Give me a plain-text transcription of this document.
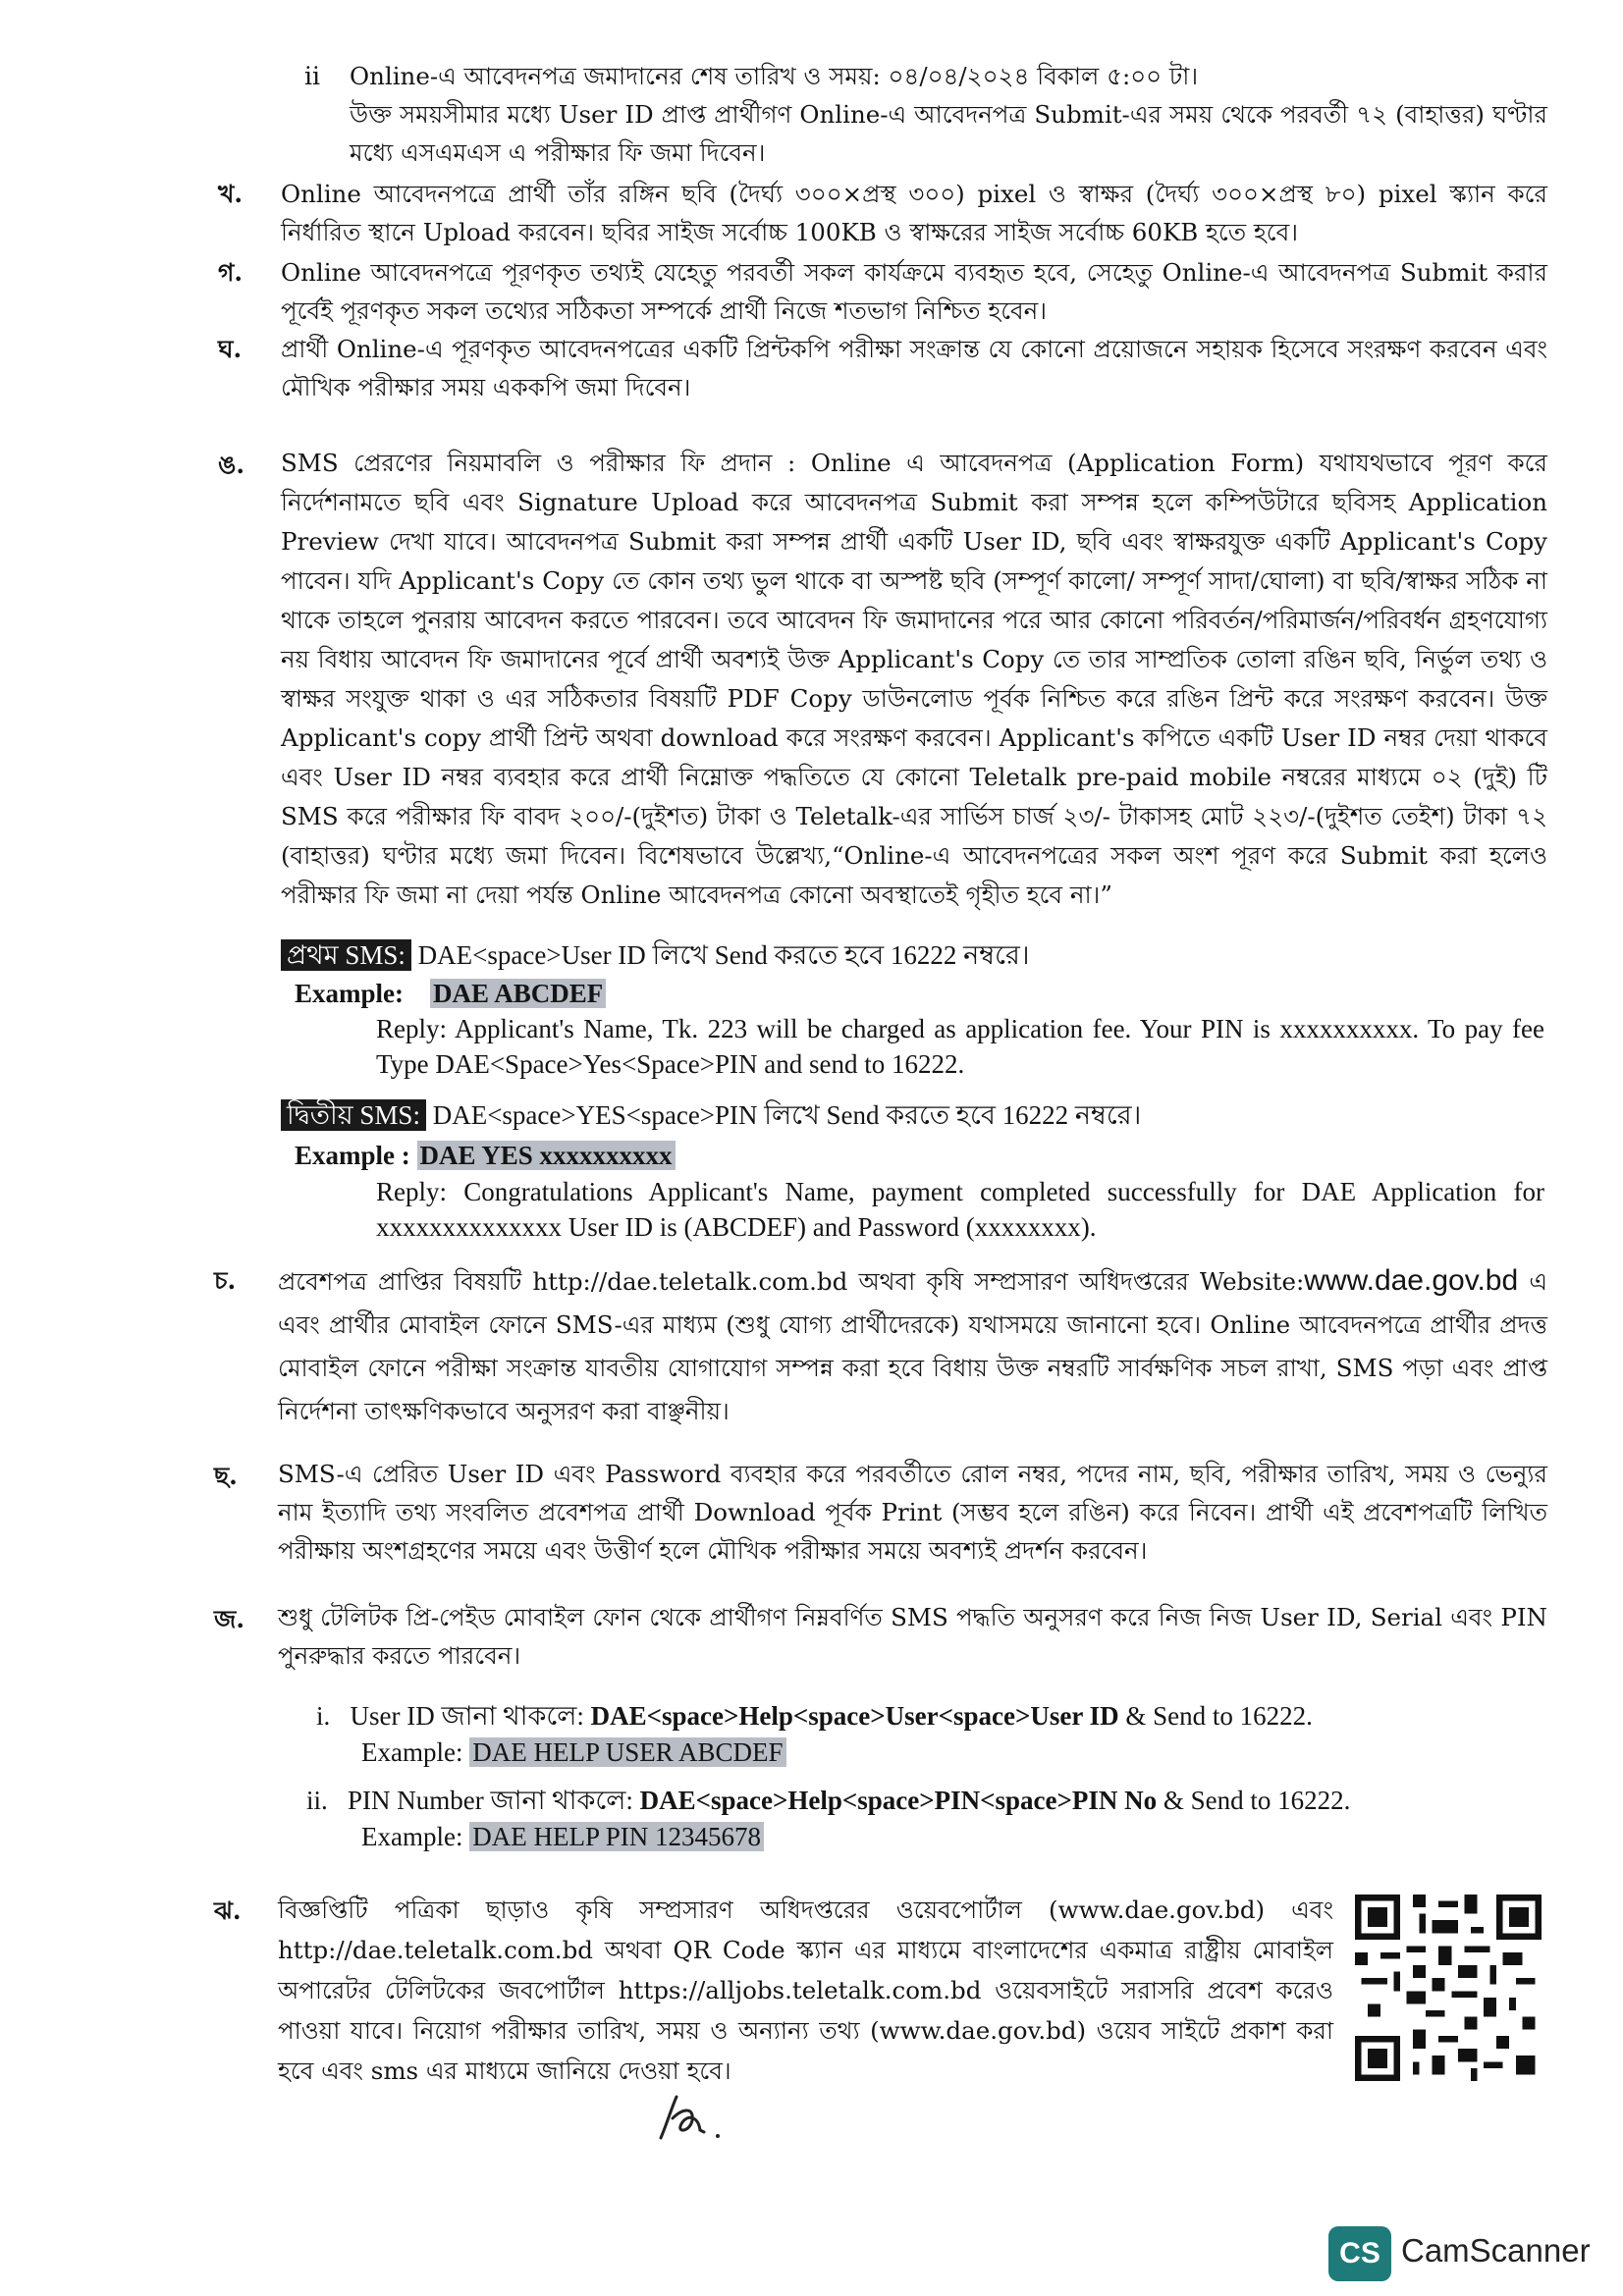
ii Online-এ আবেদনপত্র জমাদানের শেষ তারিখ ও সময়: ০৪/০৪/২০২৪ বিকাল ৫:০০ টা।
উক্ত সময়সীমার মধ্যে User ID প্রাপ্ত প্রার্থীগণ Online-এ আবেদনপত্র Submit-এর সময় থেকে পরবর্তী ৭২ (বাহাত্তর) ঘণ্টার মধ্যে এসএমএস এ পরীক্ষার ফি জমা দিবেন।
খ. Online আবেদনপত্রে প্রার্থী তাঁর রঙ্গিন ছবি (দৈর্ঘ্য ৩০০×প্রস্থ ৩০০) pixel ও স্বাক্ষর (দৈর্ঘ্য ৩০০×প্রস্থ ৮০) pixel স্ক্যান করে নির্ধারিত স্থানে Upload করবেন। ছবির সাইজ সর্বোচ্চ 100KB ও স্বাক্ষরের সাইজ সর্বোচ্চ 60KB হতে হবে।
গ. Online আবেদনপত্রে পূরণকৃত তথ্যই যেহেতু পরবর্তী সকল কার্যক্রমে ব্যবহৃত হবে, সেহেতু Online-এ আবেদনপত্র Submit করার পূর্বেই পূরণকৃত সকল তথ্যের সঠিকতা সম্পর্কে প্রার্থী নিজে শতভাগ নিশ্চিত হবেন।
ঘ. প্রার্থী Online-এ পূরণকৃত আবেদনপত্রের একটি প্রিন্টকপি পরীক্ষা সংক্রান্ত যে কোনো প্রয়োজনে সহায়ক হিসেবে সংরক্ষণ করবেন এবং মৌখিক পরীক্ষার সময় এককপি জমা দিবেন।
ঙ. SMS প্রেরণের নিয়মাবলি ও পরীক্ষার ফি প্রদান : Online এ আবেদনপত্র (Application Form) যথাযথভাবে পূরণ করে নির্দেশনামতে ছবি এবং Signature Upload করে আবেদনপত্র Submit করা সম্পন্ন হলে কম্পিউটারে ছবিসহ Application Preview দেখা যাবে। আবেদনপত্র Submit করা সম্পন্ন প্রার্থী একটি User ID, ছবি এবং স্বাক্ষরযুক্ত একটি Applicant's Copy পাবেন। যদি Applicant's Copy তে কোন তথ্য ভুল থাকে বা অস্পষ্ট ছবি (সম্পূর্ণ কালো/ সম্পূর্ণ সাদা/ঘোলা) বা ছবি/স্বাক্ষর সঠিক না থাকে তাহলে পুনরায় আবেদন করতে পারবেন। তবে আবেদন ফি জমাদানের পরে আর কোনো পরিবর্তন/পরিমার্জন/পরিবর্ধন গ্রহণযোগ্য নয় বিধায় আবেদন ফি জমাদানের পূর্বে প্রার্থী অবশ্যই উক্ত Applicant's Copy তে তার সাম্প্রতিক তোলা রঙিন ছবি, নির্ভুল তথ্য ও স্বাক্ষর সংযুক্ত থাকা ও এর সঠিকতার বিষয়টি PDF Copy ডাউনলোড পূর্বক নিশ্চিত করে রঙিন প্রিন্ট করে সংরক্ষণ করবেন। উক্ত Applicant's copy প্রার্থী প্রিন্ট অথবা download করে সংরক্ষণ করবেন। Applicant's কপিতে একটি User ID নম্বর দেয়া থাকবে এবং User ID নম্বর ব্যবহার করে প্রার্থী নিম্নোক্ত পদ্ধতিতে যে কোনো Teletalk pre-paid mobile নম্বরের মাধ্যমে ০২ (দুই) টি SMS করে পরীক্ষার ফি বাবদ ২০০/-(দুইশত) টাকা ও Teletalk-এর সার্ভিস চার্জ ২৩/- টাকাসহ মোট ২২৩/-(দুইশত তেইশ) টাকা ৭২ (বাহাত্তর) ঘণ্টার মধ্যে জমা দিবেন। বিশেষভাবে উল্লেখ্য,“Online-এ আবেদনপত্রের সকল অংশ পূরণ করে Submit করা হলেও পরীক্ষার ফি জমা না দেয়া পর্যন্ত Online আবেদনপত্র কোনো অবস্থাতেই গৃহীত হবে না।”
প্রথম SMS: DAE<space>User ID লিখে Send করতে হবে 16222 নম্বরে।
Example: DAE ABCDEF
Reply: Applicant's Name, Tk. 223 will be charged as application fee. Your PIN is xxxxxxxxxx. To pay fee Type DAE<Space>Yes<Space>PIN and send to 16222.
দ্বিতীয় SMS: DAE<space>YES<space>PIN লিখে Send করতে হবে 16222 নম্বরে।
Example : DAE YES xxxxxxxxxx
Reply: Congratulations Applicant's Name, payment completed successfully for DAE Application for xxxxxxxxxxxxxx User ID is (ABCDEF) and Password (xxxxxxxx).
চ. প্রবেশপত্র প্রাপ্তির বিষয়টি http://dae.teletalk.com.bd অথবা কৃষি সম্প্রসারণ অধিদপ্তরের Website:www.dae.gov.bd এ এবং প্রার্থীর মোবাইল ফোনে SMS-এর মাধ্যম (শুধু যোগ্য প্রার্থীদেরকে) যথাসময়ে জানানো হবে। Online আবেদনপত্রে প্রার্থীর প্রদত্ত মোবাইল ফোনে পরীক্ষা সংক্রান্ত যাবতীয় যোগাযোগ সম্পন্ন করা হবে বিধায় উক্ত নম্বরটি সার্বক্ষণিক সচল রাখা, SMS পড়া এবং প্রাপ্ত নির্দেশনা তাৎক্ষণিকভাবে অনুসরণ করা বাঞ্ছনীয়।
ছ. SMS-এ প্রেরিত User ID এবং Password ব্যবহার করে পরবর্তীতে রোল নম্বর, পদের নাম, ছবি, পরীক্ষার তারিখ, সময় ও ভেন্যুর নাম ইত্যাদি তথ্য সংবলিত প্রবেশপত্র প্রার্থী Download পূর্বক Print (সম্ভব হলে রঙিন) করে নিবেন। প্রার্থী এই প্রবেশপত্রটি লিখিত পরীক্ষায় অংশগ্রহণের সময়ে এবং উত্তীর্ণ হলে মৌখিক পরীক্ষার সময়ে অবশ্যই প্রদর্শন করবেন।
জ. শুধু টেলিটক প্রি-পেইড মোবাইল ফোন থেকে প্রার্থীগণ নিম্নবর্ণিত SMS পদ্ধতি অনুসরণ করে নিজ নিজ User ID, Serial এবং PIN পুনরুদ্ধার করতে পারবেন।
i. User ID জানা থাকলে: DAE<space>Help<space>User<space>User ID & Send to 16222.
Example: DAE HELP USER ABCDEF
ii. PIN Number জানা থাকলে: DAE<space>Help<space>PIN<space>PIN No & Send to 16222.
Example: DAE HELP PIN 12345678
ঝ. বিজ্ঞপ্তিটি পত্রিকা ছাড়াও কৃষি সম্প্রসারণ অধিদপ্তরের ওয়েবপোর্টাল (www.dae.gov.bd) এবং http://dae.teletalk.com.bd অথবা QR Code স্ক্যান এর মাধ্যমে বাংলাদেশের একমাত্র রাষ্ট্রীয় মোবাইল অপারেটর টেলিটকের জবপোর্টাল https://alljobs.teletalk.com.bd ওয়েবসাইটে সরাসরি প্রবেশ করেও পাওয়া যাবে। নিয়োগ পরীক্ষার তারিখ, সময় ও অন্যান্য তথ্য (www.dae.gov.bd) ওয়েব সাইটে প্রকাশ করা হবে এবং sms এর মাধ্যমে জানিয়ে দেওয়া হবে।
CS CamScanner
